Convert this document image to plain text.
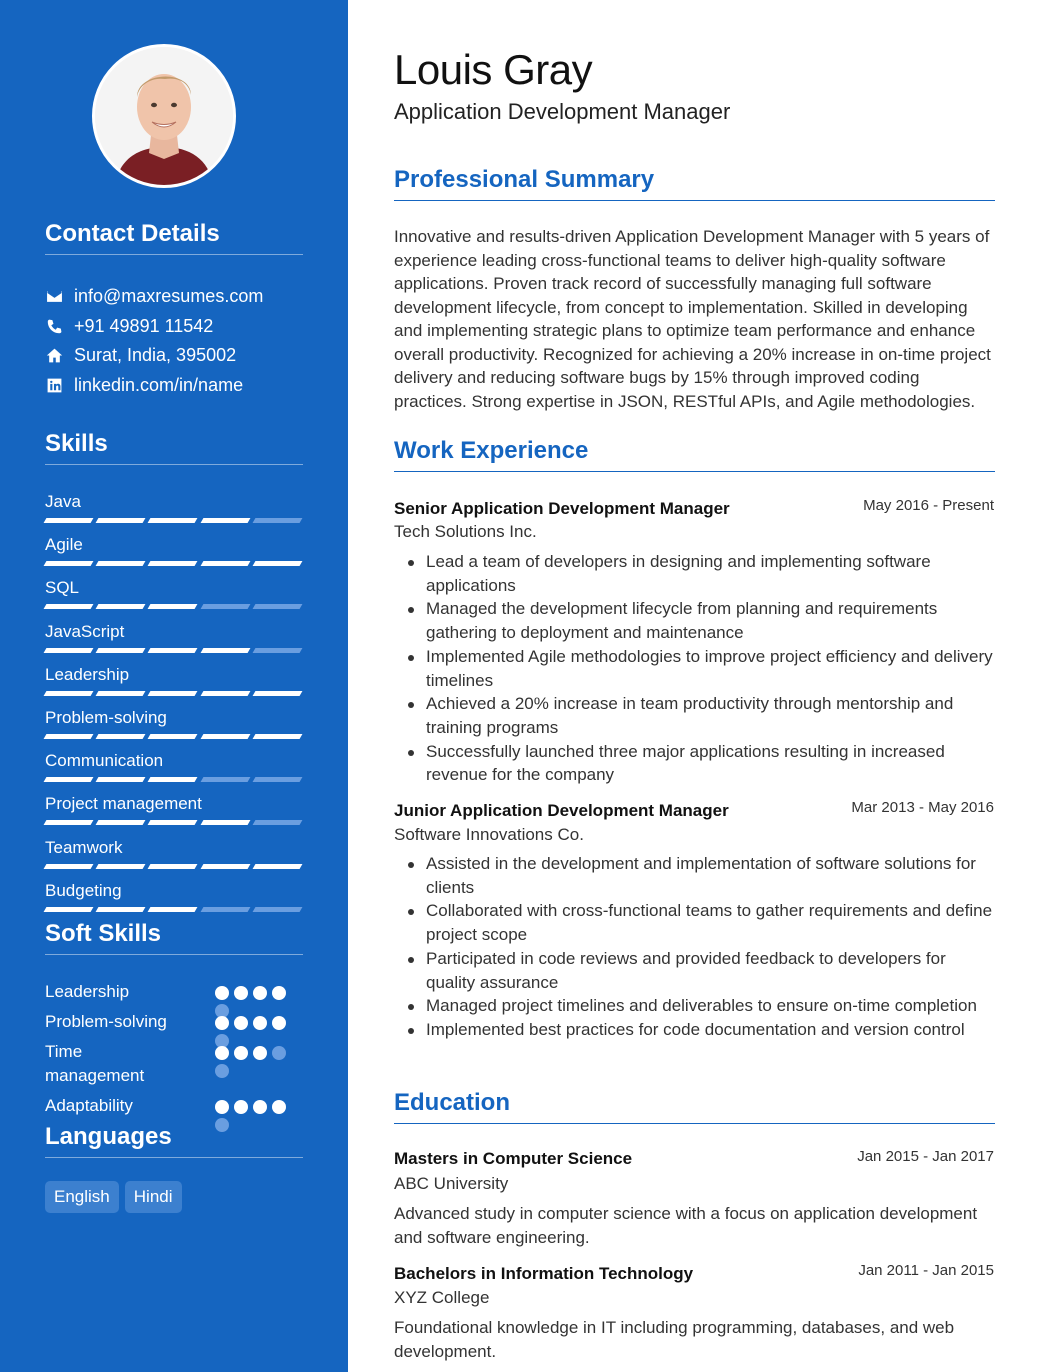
Contact Details
info@maxresumes.com
+91 49891 11542
Surat, India, 395002
linkedin.com/in/name
Skills
Java
Agile
SQL
JavaScript
Leadership
Problem-solving
Communication
Project management
Teamwork
Budgeting
Soft Skills
Leadership
Problem-solving
Time management
Adaptability
Languages
English	Hindi
Louis Gray
Application Development Manager
Professional Summary
Innovative and results-driven Application Development Manager with 5 years of experience leading cross-functional teams to deliver high-quality software applications. Proven track record of successfully managing full software development lifecycle, from concept to implementation. Skilled in developing and implementing strategic plans to optimize team performance and enhance overall productivity. Recognized for achieving a 20% increase in on-time project delivery and reducing software bugs by 15% through improved coding practices. Strong expertise in JSON, RESTful APIs, and Agile methodologies.
Work Experience
Senior Application Development Manager	May 2016 - Present
Tech Solutions Inc.
Lead a team of developers in designing and implementing software applications
Managed the development lifecycle from planning and requirements gathering to deployment and maintenance
Implemented Agile methodologies to improve project efficiency and delivery timelines
Achieved a 20% increase in team productivity through mentorship and training programs
Successfully launched three major applications resulting in increased revenue for the company
Junior Application Development Manager	Mar 2013 - May 2016
Software Innovations Co.
Assisted in the development and implementation of software solutions for clients
Collaborated with cross-functional teams to gather requirements and define project scope
Participated in code reviews and provided feedback to developers for quality assurance
Managed project timelines and deliverables to ensure on-time completion
Implemented best practices for code documentation and version control
Education
Masters in Computer Science	Jan 2015 - Jan 2017
ABC University
Advanced study in computer science with a focus on application development and software engineering.
Bachelors in Information Technology	Jan 2011 - Jan 2015
XYZ College
Foundational knowledge in IT including programming, databases, and web development.
